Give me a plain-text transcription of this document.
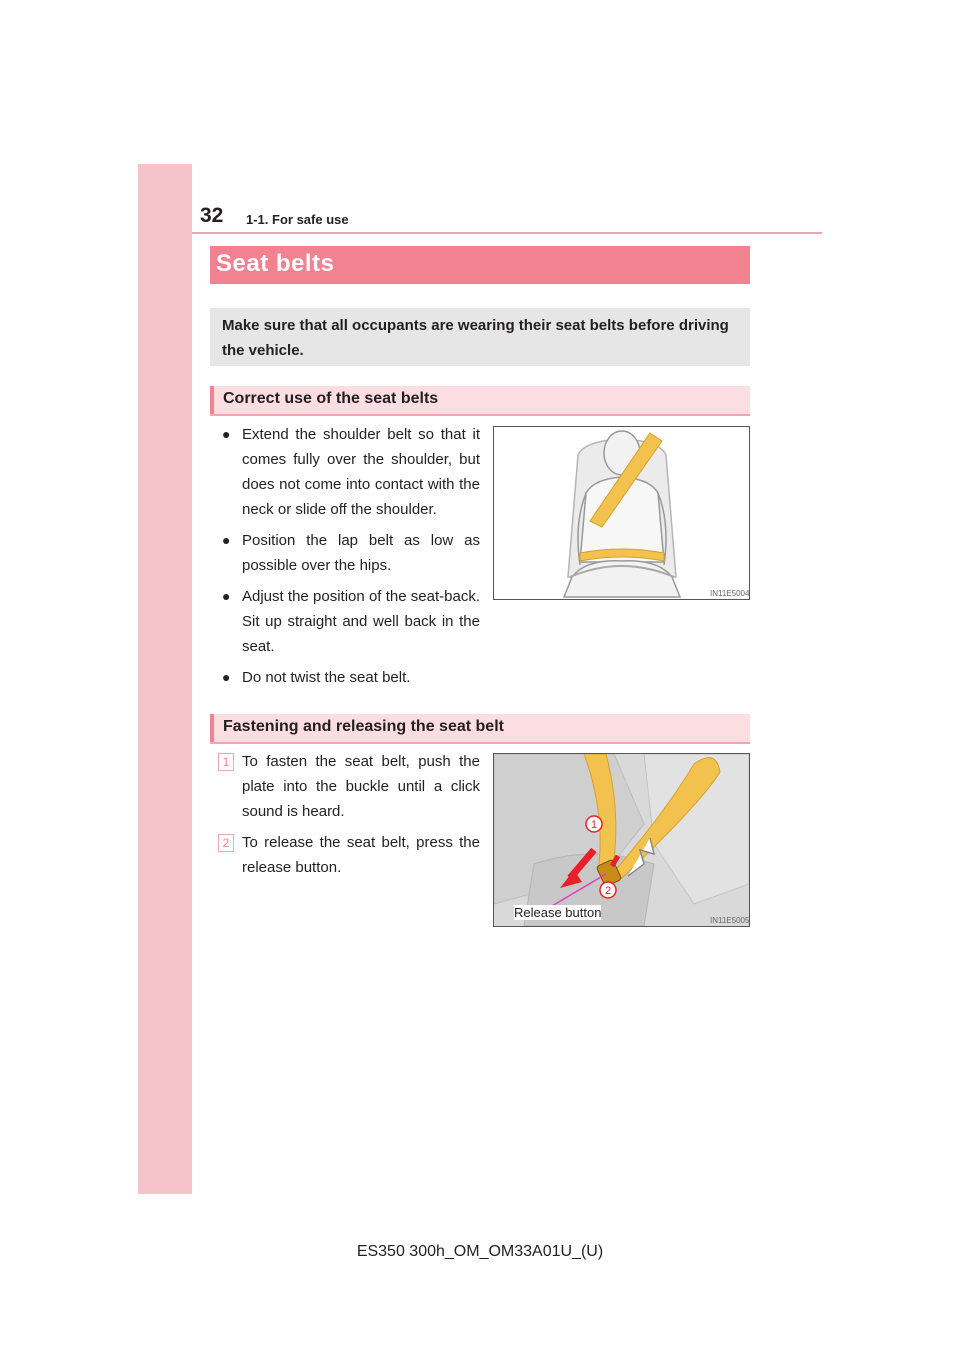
32 1-1. For safe use
Seat belts
Make sure that all occupants are wearing their seat belts before driving the vehicle.
Correct use of the seat belts
● Extend the shoulder belt so that it comes fully over the shoulder, but does not come into contact with the neck or slide off the shoulder.
● Position the lap belt as low as possible over the hips.
● Adjust the position of the seat-back. Sit up straight and well back in the seat.
● Do not twist the seat belt.
IN11E5004
Fastening and releasing the seat belt
1 To fasten the seat belt, push the plate into the buckle until a click sound is heard.
2 To release the seat belt, press the release button.
1
2
IN11E5005
Release button
ES350 300h_OM_OM33A01U_(U)
